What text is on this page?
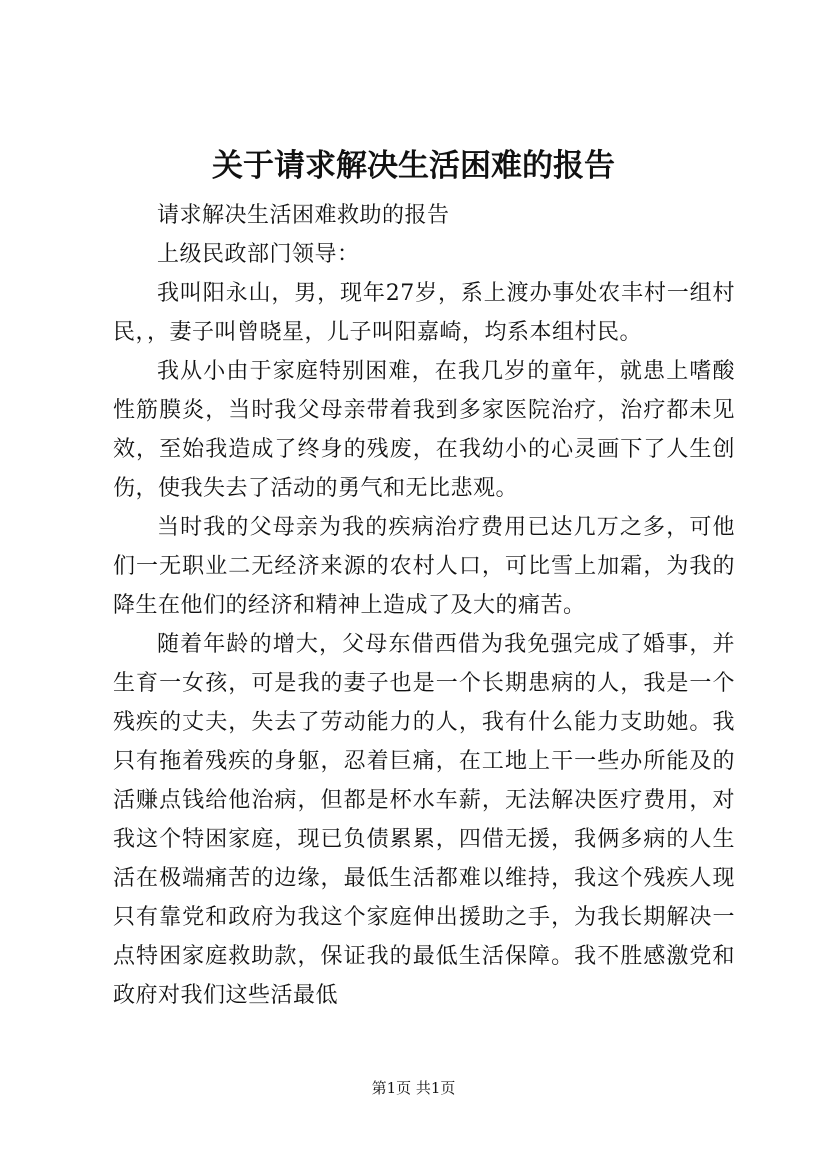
关于请求解决生活困难的报告

请求解决生活困难救助的报告

上级民政部门领导：

我叫阳永山，男，现年27岁，系上渡办事处农丰村一组村民，，妻子叫曾晓星，儿子叫阳嘉崎，均系本组村民。

我从小由于家庭特别困难，在我几岁的童年，就患上嗜酸性筋膜炎，当时我父母亲带着我到多家医院治疗，治疗都未见效，至始我造成了终身的残废，在我幼小的心灵画下了人生创伤，使我失去了活动的勇气和无比悲观。

当时我的父母亲为我的疾病治疗费用已达几万之多，可他们一无职业二无经济来源的农村人口，可比雪上加霜，为我的降生在他们的经济和精神上造成了及大的痛苦。

随着年龄的增大，父母东借西借为我免强完成了婚事，并生育一女孩，可是我的妻子也是一个长期患病的人，我是一个残疾的丈夫，失去了劳动能力的人，我有什么能力支助她。我只有拖着残疾的身躯，忍着巨痛，在工地上干一些办所能及的活赚点钱给他治病，但都是杯水车薪，无法解决医疗费用，对我这个特困家庭，现已负债累累，四借无援，我俩多病的人生活在极端痛苦的边缘，最低生活都难以维持，我这个残疾人现只有靠党和政府为我这个家庭伸出援助之手，为我长期解决一点特困家庭救助款，保证我的最低生活保障。我不胜感激党和政府对我们这些活最低

第1页 共1页
